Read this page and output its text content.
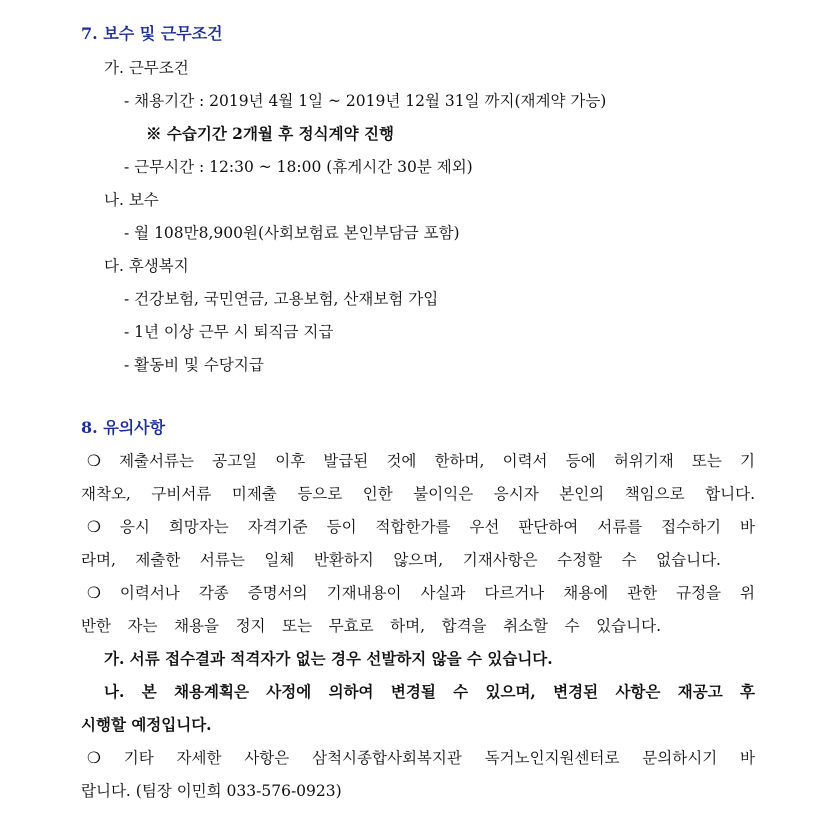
7. 보수 및 근무조건
가. 근무조건
- 채용기간 : 2019년 4월 1일 ~ 2019년 12월 31일 까지(재계약 가능)
※ 수습기간 2개월 후 정식계약 진행
- 근무시간 : 12:30 ~ 18:00 (휴게시간 30분 제외)
나. 보수
- 월 108만8,900원(사회보험료 본인부담금 포함)
다. 후생복지
- 건강보험, 국민연금, 고용보험, 산재보험 가입
- 1년 이상 근무 시 퇴직금 지급
- 활동비 및 수당지급
8. 유의사항
❍ 제출서류는 공고일 이후 발급된 것에 한하며, 이력서 등에 허위기재 또는 기
재착오, 구비서류 미제출 등으로 인한 불이익은 응시자 본인의 책임으로 합니다.
❍ 응시 희망자는 자격기준 등이 적합한가를 우선 판단하여 서류를 접수하기 바
라며, 제출한 서류는 일체 반환하지 않으며, 기재사항은 수정할 수 없습니다.
❍ 이력서나 각종 증명서의 기재내용이 사실과 다르거나 채용에 관한 규정을 위
반한 자는 채용을 정지 또는 무효로 하며, 합격을 취소할 수 있습니다.
가. 서류 접수결과 적격자가 없는 경우 선발하지 않을 수 있습니다.
나. 본 채용계획은 사정에 의하여 변경될 수 있으며, 변경된 사항은 재공고 후
시행할 예정입니다.
❍ 기타 자세한 사항은 삼척시종합사회복지관 독거노인지원센터로 문의하시기 바
랍니다. (팀장 이민희 033-576-0923)
